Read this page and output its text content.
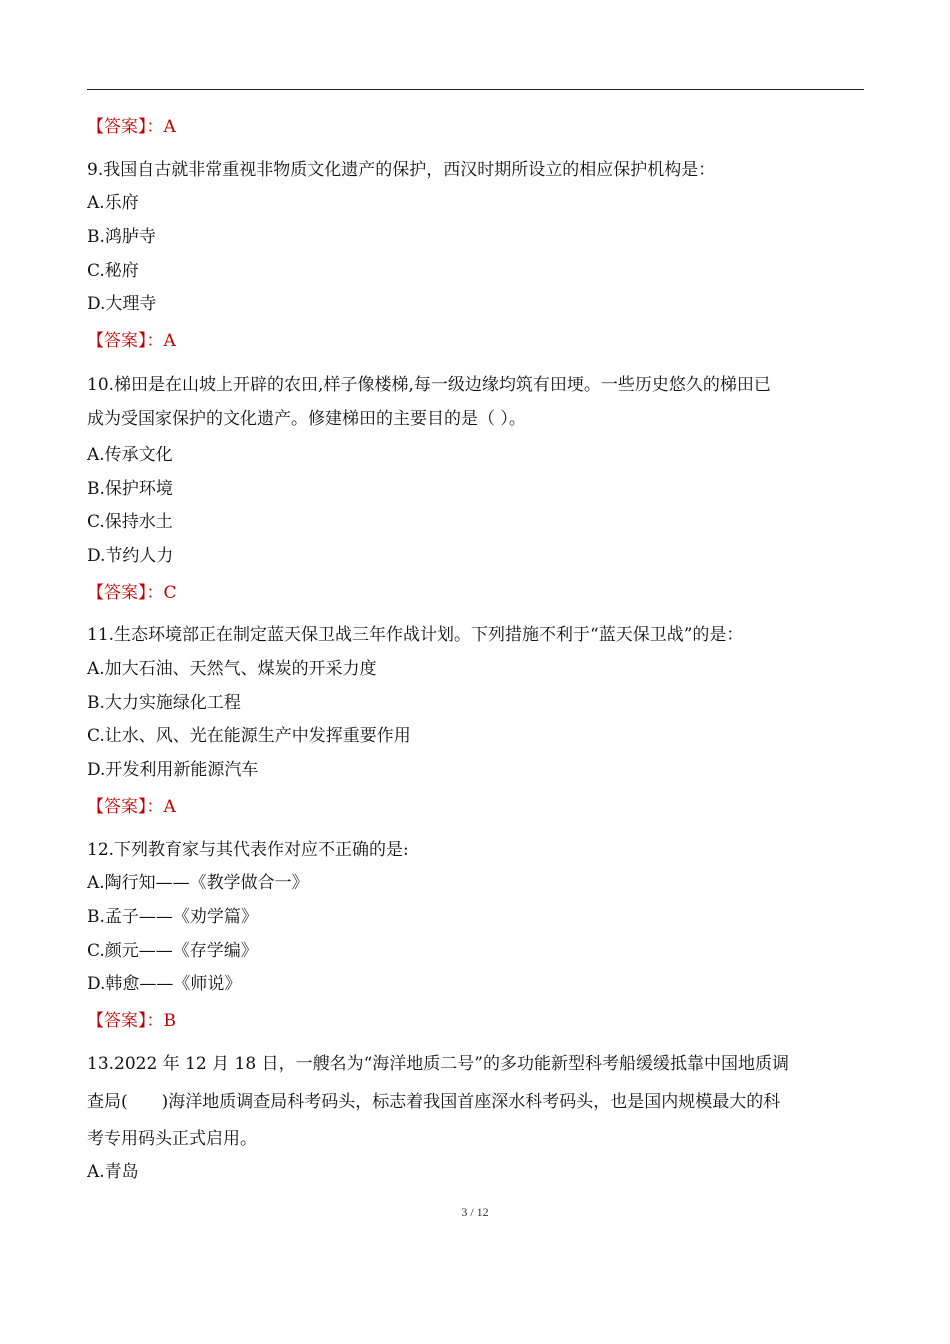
【答案】：A
9.我国自古就非常重视非物质文化遗产的保护，西汉时期所设立的相应保护机构是：
A.乐府
B.鸿胪寺
C.秘府
D.大理寺
【答案】：A
10.梯田是在山坡上开辟的农田,样子像楼梯,每一级边缘均筑有田埂。一些历史悠久的梯田已
成为受国家保护的文化遗产。修建梯田的主要目的是（ ）。
A.传承文化
B.保护环境
C.保持水土
D.节约人力
【答案】：C
11.生态环境部正在制定蓝天保卫战三年作战计划。下列措施不利于“蓝天保卫战”的是：
A.加大石油、天然气、煤炭的开采力度
B.大力实施绿化工程
C.让水、风、光在能源生产中发挥重要作用
D.开发利用新能源汽车
【答案】：A
12.下列教育家与其代表作对应不正确的是:
A.陶行知——《教学做合一》
B.孟子——《劝学篇》
C.颜元——《存学编》
D.韩愈——《师说》
【答案】：B
13.2022 年 12 月 18 日，一艘名为“海洋地质二号”的多功能新型科考船缓缓抵靠中国地质调
查局(　　)海洋地质调查局科考码头，标志着我国首座深水科考码头，也是国内规模最大的科
考专用码头正式启用。
A.青岛
3 / 12
